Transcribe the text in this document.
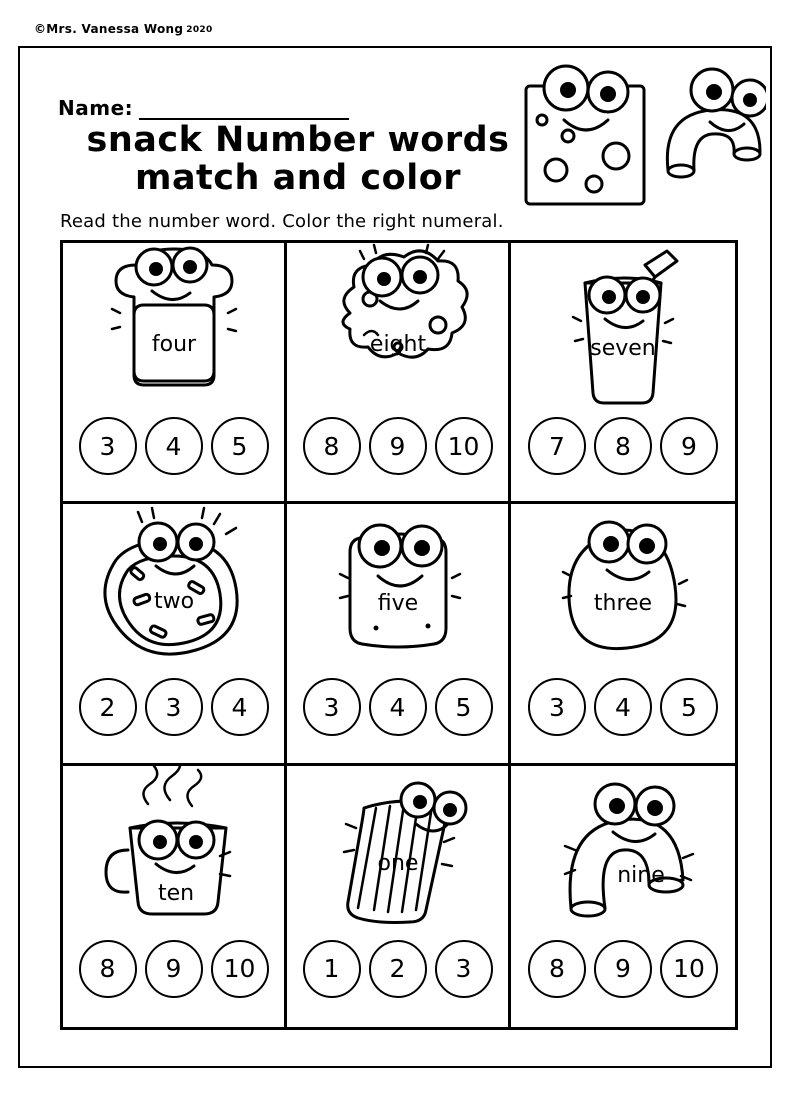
©Mrs. Vanessa Wong 2020
Name:
snack Number words
match and color
Read the number word. Color the right numeral.
four
3	4	5
eight
8	9	10
seven
7	8	9
two
2	3	4
five
3	4	5
three
3	4	5
ten
8	9	10
one
1	2	3
nine
8	9	10
